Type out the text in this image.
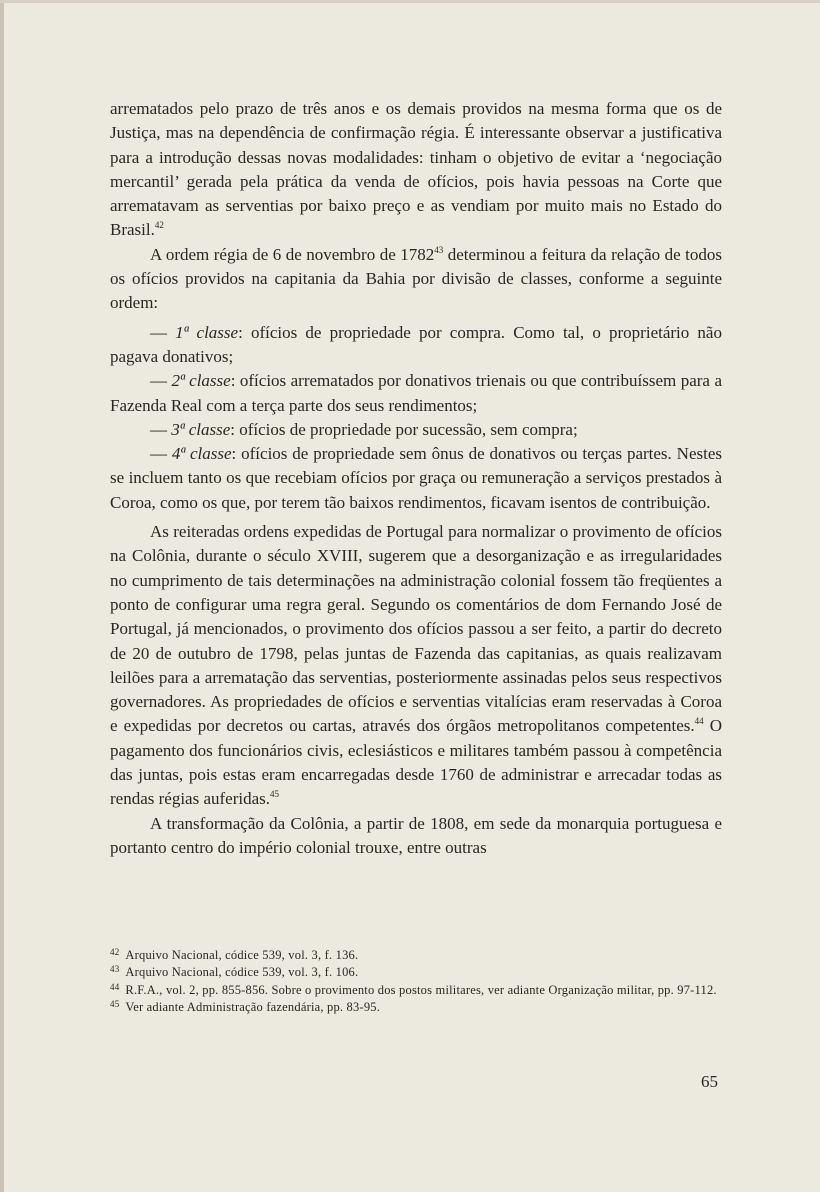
arrematados pelo prazo de três anos e os demais providos na mesma forma que os de Justiça, mas na dependência de confirmação régia. É interessante observar a justificativa para a introdução dessas novas modalidades: tinham o objetivo de evitar a ‘negociação mercantil’ gerada pela prática da venda de ofícios, pois havia pessoas na Corte que arrematavam as serventias por baixo preço e as vendiam por muito mais no Estado do Brasil.$^{42}$

A ordem régia de 6 de novembro de 1782$^{43}$ determinou a feitura da relação de todos os ofícios providos na capitania da Bahia por divisão de classes, conforme a seguinte ordem:

— 1ª classe: ofícios de propriedade por compra. Como tal, o proprietário não pagava donativos;

— 2ª classe: ofícios arrematados por donativos trienais ou que contribuíssem para a Fazenda Real com a terça parte dos seus rendimentos;

— 3ª classe: ofícios de propriedade por sucessão, sem compra;

— 4ª classe: ofícios de propriedade sem ônus de donativos ou terças partes. Nestes se incluem tanto os que recebiam ofícios por graça ou remuneração a serviços prestados à Coroa, como os que, por terem tão baixos rendimentos, ficavam isentos de contribuição.

As reiteradas ordens expedidas de Portugal para normalizar o provimento de ofícios na Colônia, durante o século XVIII, sugerem que a desorganização e as irregularidades no cumprimento de tais determinações na administração colonial fossem tão freqüentes a ponto de configurar uma regra geral. Segundo os comentários de dom Fernando José de Portugal, já mencionados, o provimento dos ofícios passou a ser feito, a partir do decreto de 20 de outubro de 1798, pelas juntas de Fazenda das capitanias, as quais realizavam leilões para a arrematação das serventias, posteriormente assinadas pelos seus respectivos governadores. As propriedades de ofícios e serventias vitalícias eram reservadas à Coroa e expedidas por decretos ou cartas, através dos órgãos metropolitanos competentes.$^{44}$ O pagamento dos funcionários civis, eclesiásticos e militares também passou à competência das juntas, pois estas eram encarregadas desde 1760 de administrar e arrecadar todas as rendas régias auferidas.$^{45}$

A transformação da Colônia, a partir de 1808, em sede da monarquia portuguesa e portanto centro do império colonial trouxe, entre outras

$^{42}$ Arquivo Nacional, códice 539, vol. 3, f. 136.

$^{43}$ Arquivo Nacional, códice 539, vol. 3, f. 106.

$^{44}$ R.F.A., vol. 2, pp. 855-856. Sobre o provimento dos postos militares, ver adiante Organização militar, pp. 97-112.

$^{45}$ Ver adiante Administração fazendária, pp. 83-95.

65
